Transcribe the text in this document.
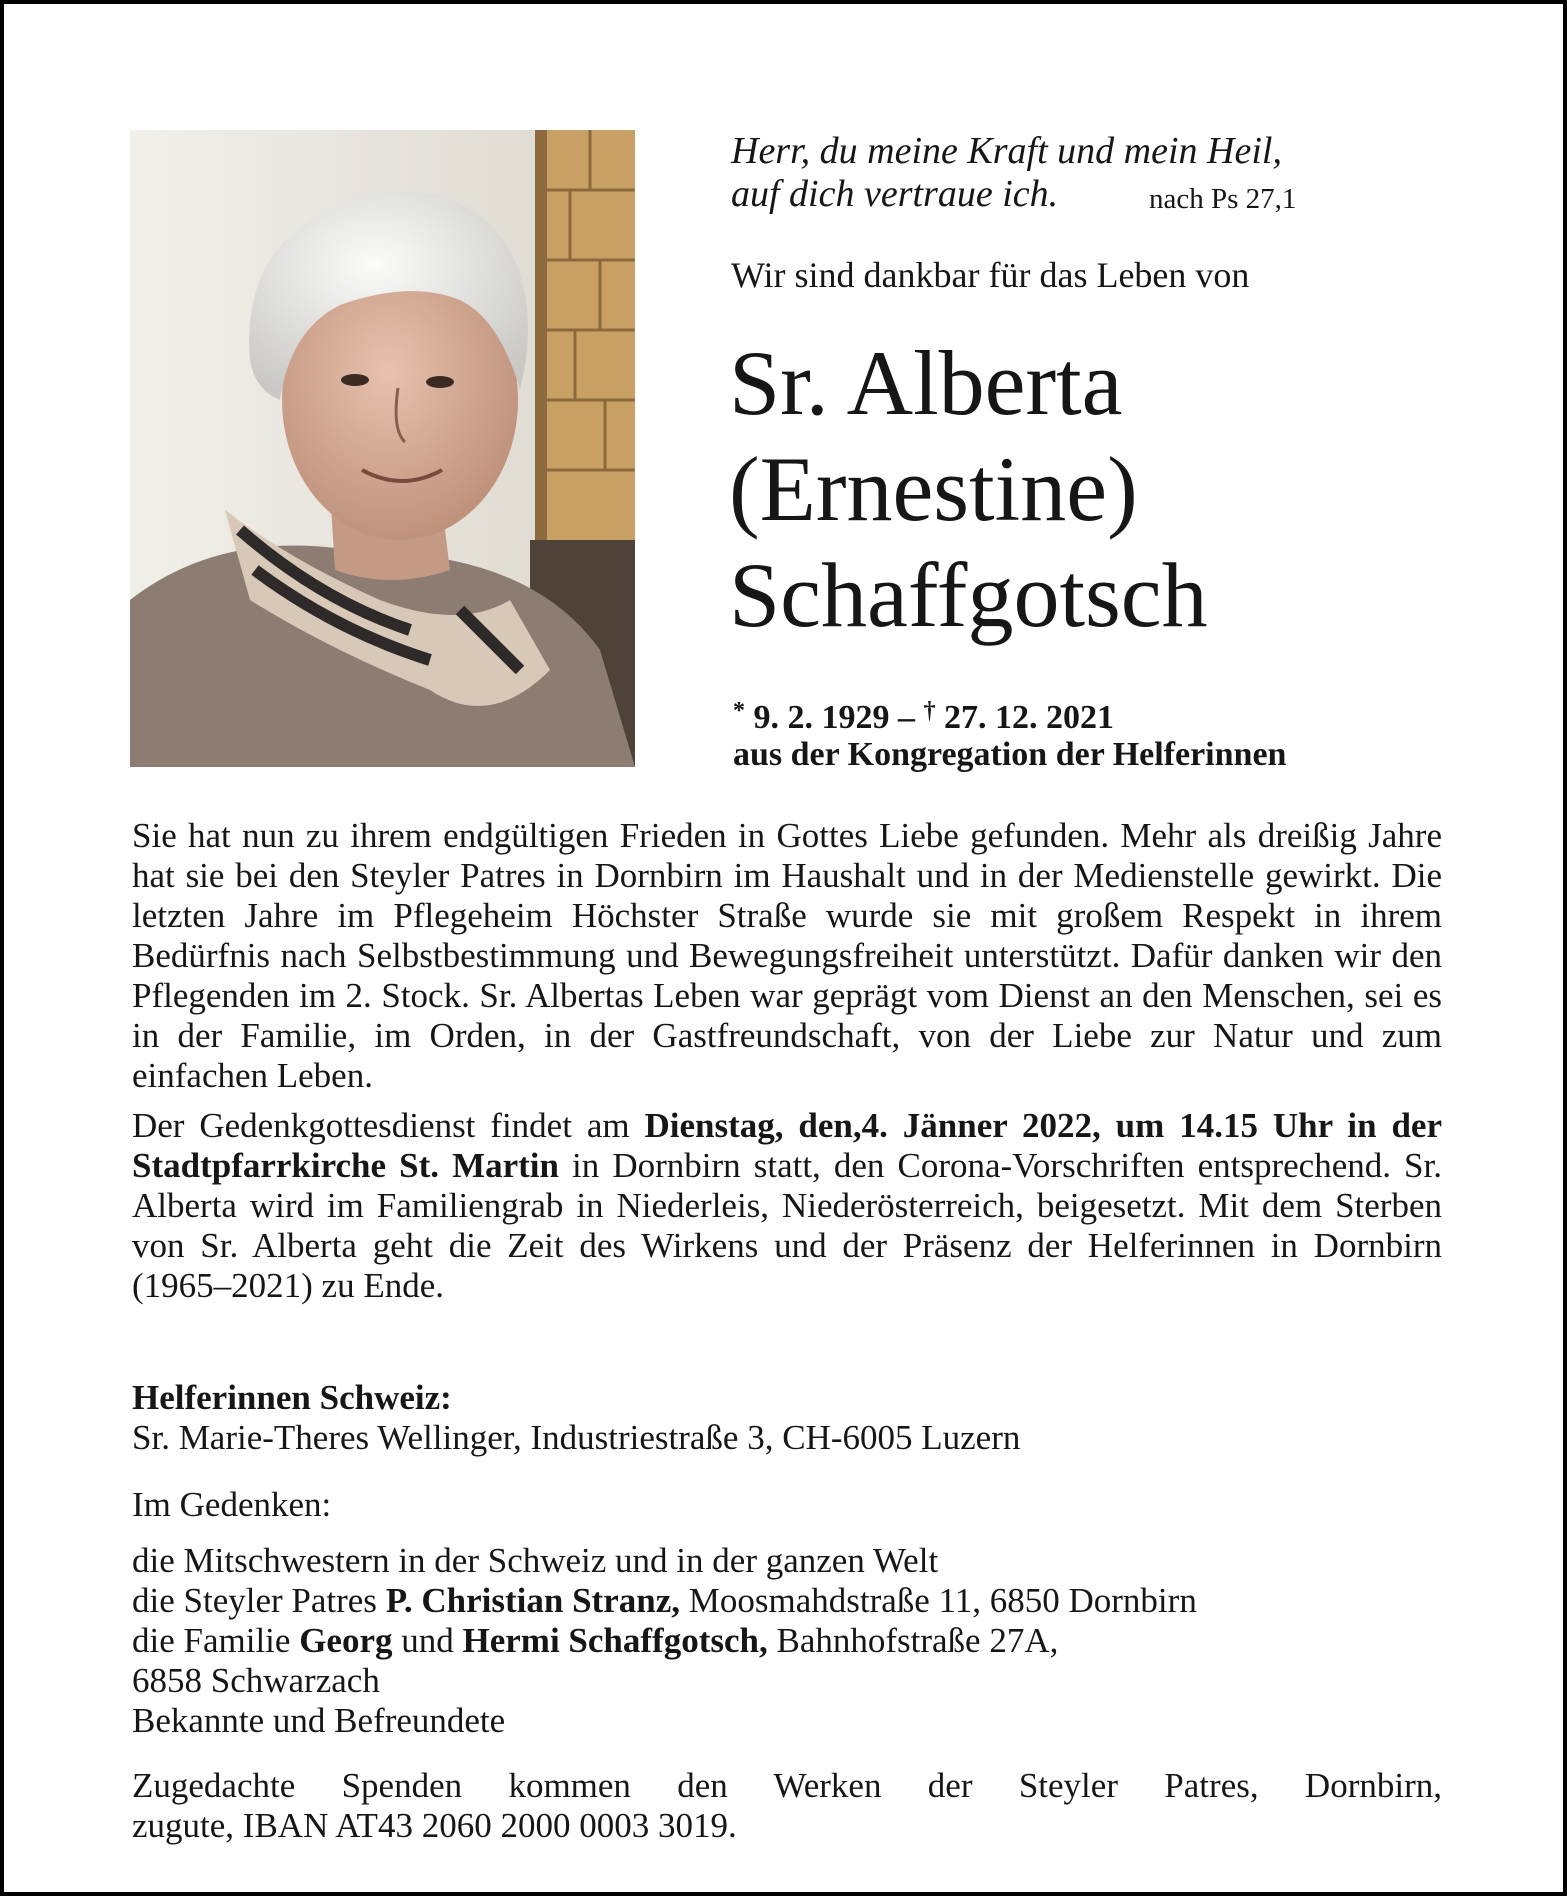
Herr, du meine Kraft und mein Heil,
auf dich vertraue ich.	nach Ps 27,1
Wir sind dankbar für das Leben von
Sr. Alberta
(Ernestine)
Schaffgotsch
* 9. 2. 1929 – † 27. 12. 2021
aus der Kongregation der Helferinnen

Sie hat nun zu ihrem endgültigen Frieden in Gottes Liebe gefunden. Mehr als dreißig Jahre hat sie bei den Steyler Patres in Dornbirn im Haushalt und in der Medienstelle gewirkt. Die letzten Jahre im Pflegeheim Höchster Straße wurde sie mit großem Respekt in ihrem Bedürfnis nach Selbstbestimmung und Bewegungsfreiheit unterstützt. Dafür danken wir den Pflegenden im 2. Stock. Sr. Albertas Leben war geprägt vom Dienst an den Menschen, sei es in der Familie, im Orden, in der Gastfreundschaft, von der Liebe zur Natur und zum einfachen Leben.

Der Gedenkgottesdienst findet am Dienstag, den,4. Jänner 2022, um 14.15 Uhr in der Stadtpfarrkirche St. Martin in Dornbirn statt, den Corona-Vorschriften entsprechend. Sr. Alberta wird im Familiengrab in Niederleis, Niederösterreich, beigesetzt. Mit dem Sterben von Sr. Alberta geht die Zeit des Wirkens und der Präsenz der Helferinnen in Dornbirn (1965–2021) zu Ende.

Helferinnen Schweiz:
Sr. Marie-Theres Wellinger, Industriestraße 3, CH-6005 Luzern
Im Gedenken:
die Mitschwestern in der Schweiz und in der ganzen Welt
die Steyler Patres P. Christian Stranz, Moosmahdstraße 11, 6850 Dornbirn
die Familie Georg und Hermi Schaffgotsch, Bahnhofstraße 27A,
6858 Schwarzach
Bekannte und Befreundete
Zugedachte Spenden kommen den Werken der Steyler Patres, Dornbirn,
zugute, IBAN AT43 2060 2000 0003 3019.
